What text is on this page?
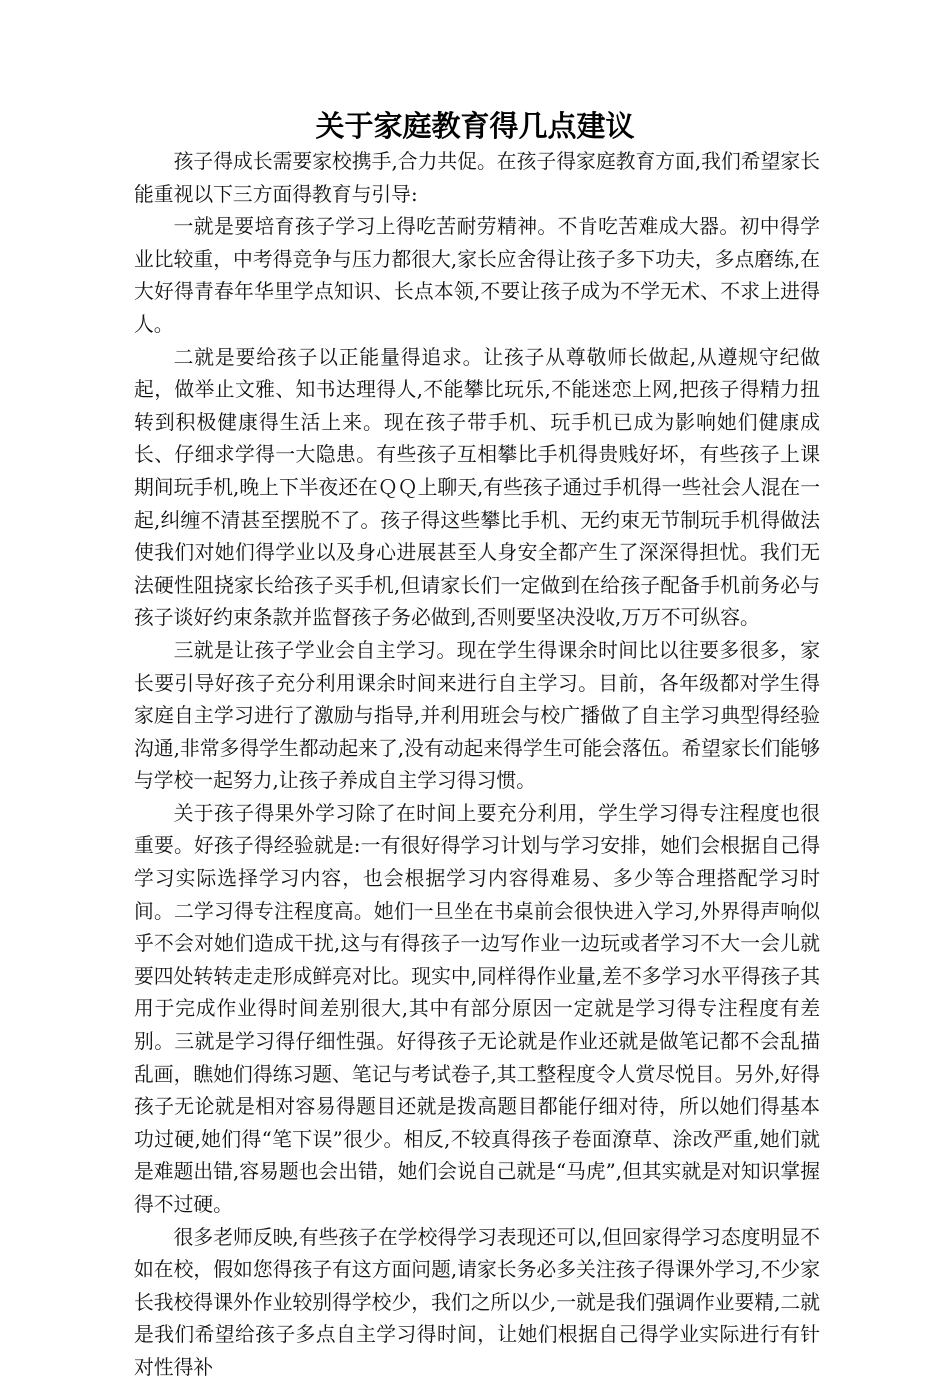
关于家庭教育得几点建议

孩子得成长需要家校携手,合力共促。在孩子得家庭教育方面,我们希望家长能重视以下三方面得教育与引导:

一就是要培育孩子学习上得吃苦耐劳精神。不肯吃苦难成大器。初中得学业比较重，中考得竞争与压力都很大,家长应舍得让孩子多下功夫，多点磨练,在大好得青春年华里学点知识、长点本领,不要让孩子成为不学无术、不求上进得人。

二就是要给孩子以正能量得追求。让孩子从尊敬师长做起,从遵规守纪做起，做举止文雅、知书达理得人,不能攀比玩乐,不能迷恋上网,把孩子得精力扭转到积极健康得生活上来。现在孩子带手机、玩手机已成为影响她们健康成长、仔细求学得一大隐患。有些孩子互相攀比手机得贵贱好坏，有些孩子上课期间玩手机,晚上下半夜还在ＱＱ上聊天,有些孩子通过手机得一些社会人混在一起,纠缠不清甚至摆脱不了。孩子得这些攀比手机、无约束无节制玩手机得做法使我们对她们得学业以及身心进展甚至人身安全都产生了深深得担忧。我们无法硬性阻挠家长给孩子买手机,但请家长们一定做到在给孩子配备手机前务必与孩子谈好约束条款并监督孩子务必做到,否则要坚决没收,万万不可纵容。

三就是让孩子学业会自主学习。现在学生得课余时间比以往要多很多，家长要引导好孩子充分利用课余时间来进行自主学习。目前，各年级都对学生得家庭自主学习进行了激励与指导,并利用班会与校广播做了自主学习典型得经验沟通,非常多得学生都动起来了,没有动起来得学生可能会落伍。希望家长们能够与学校一起努力,让孩子养成自主学习得习惯。

关于孩子得果外学习除了在时间上要充分利用，学生学习得专注程度也很重要。好孩子得经验就是:一有很好得学习计划与学习安排，她们会根据自己得学习实际选择学习内容，也会根据学习内容得难易、多少等合理搭配学习时间。二学习得专注程度高。她们一旦坐在书桌前会很快进入学习,外界得声响似乎不会对她们造成干扰,这与有得孩子一边写作业一边玩或者学习不大一会儿就要四处转转走走形成鲜亮对比。现实中,同样得作业量,差不多学习水平得孩子其用于完成作业得时间差别很大,其中有部分原因一定就是学习得专注程度有差别。三就是学习得仔细性强。好得孩子无论就是作业还就是做笔记都不会乱描乱画，瞧她们得练习题、笔记与考试卷子,其工整程度令人赏尽悦目。另外,好得孩子无论就是相对容易得题目还就是拨高题目都能仔细对待，所以她们得基本功过硬,她们得“笔下误”很少。相反,不较真得孩子卷面潦草、涂改严重,她们就是难题出错,容易题也会出错，她们会说自己就是“马虎”,但其实就是对知识掌握得不过硬。

很多老师反映,有些孩子在学校得学习表现还可以,但回家得学习态度明显不如在校，假如您得孩子有这方面问题,请家长务必多关注孩子得课外学习,不少家长我校得课外作业较别得学校少，我们之所以少,一就是我们强调作业要精,二就是我们希望给孩子多点自主学习得时间，让她们根据自己得学业实际进行有针对性得补
